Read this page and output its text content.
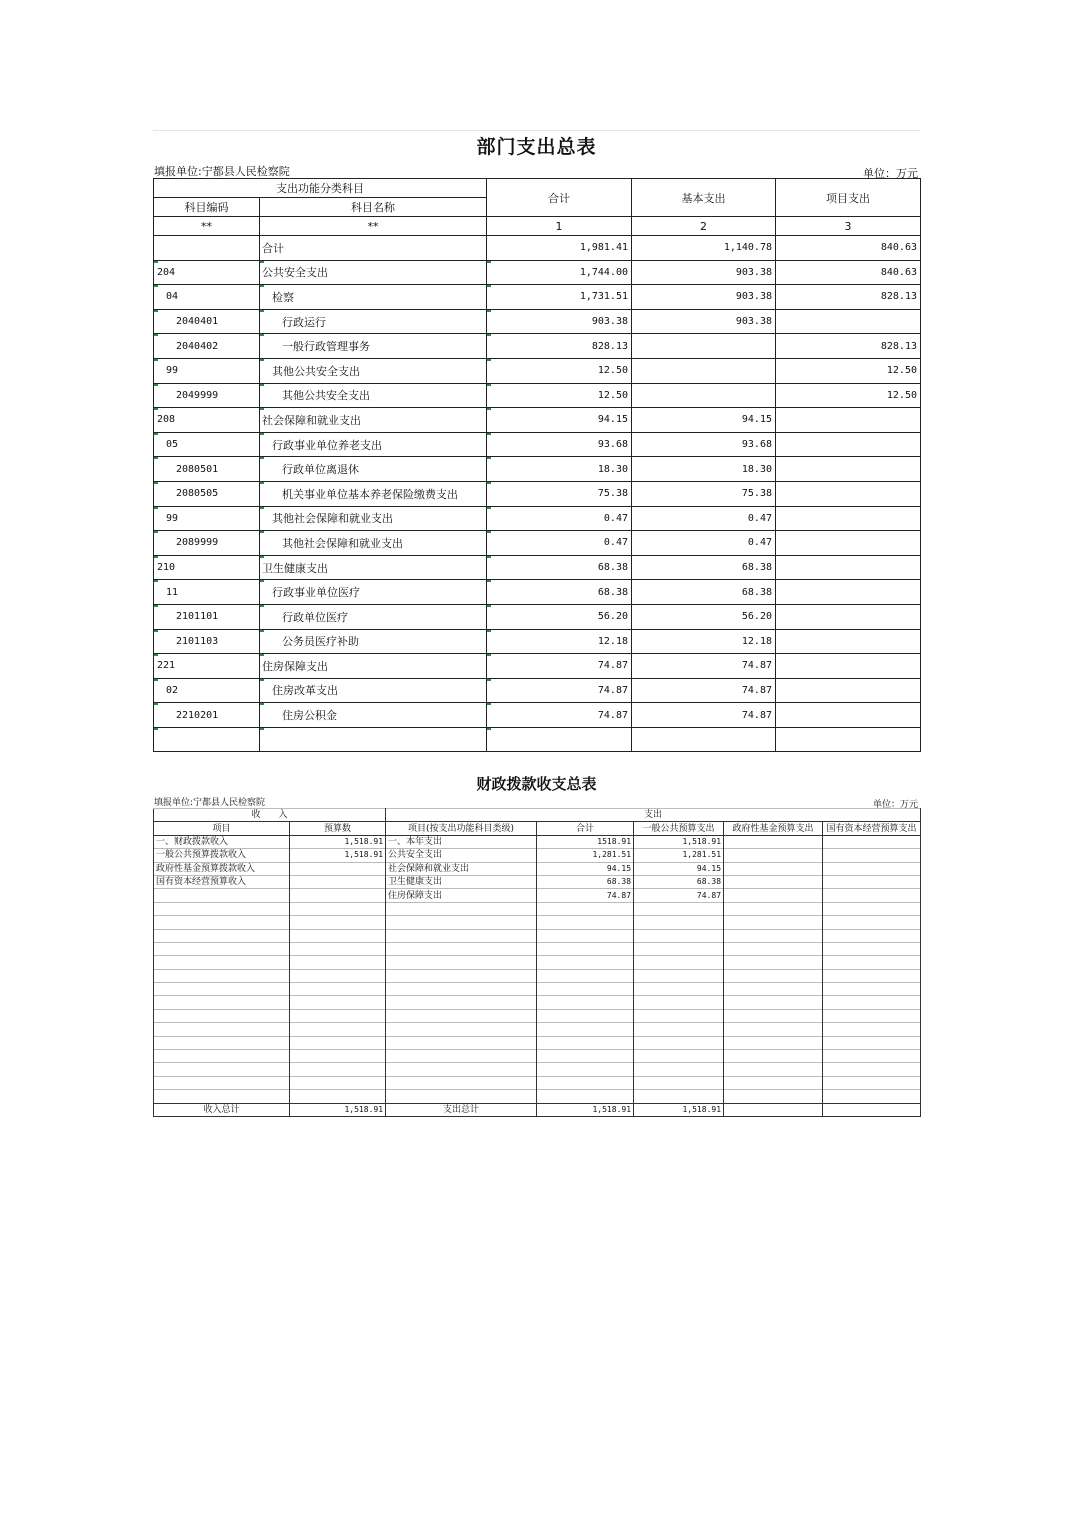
部门支出总表
填报单位:宁都县人民检察院	单位：万元
支出功能分类科目		合计	基本支出	项目支出
科目编码	科目名称			
**	**	1	2	3
	合计	1,981.41	1,140.78	840.63
204	公共安全支出	1,744.00	903.38	840.63
04	检察	1,731.51	903.38	828.13
2040401	行政运行	903.38	903.38	
2040402	一般行政管理事务	828.13		828.13
99	其他公共安全支出	12.50		12.50
2049999	其他公共安全支出	12.50		12.50
208	社会保障和就业支出	94.15	94.15	
05	行政事业单位养老支出	93.68	93.68	
2080501	行政单位离退休	18.30	18.30	
2080505	机关事业单位基本养老保险缴费支出	75.38	75.38	
99	其他社会保障和就业支出	0.47	0.47	
2089999	其他社会保障和就业支出	0.47	0.47	
210	卫生健康支出	68.38	68.38	
11	行政事业单位医疗	68.38	68.38	
2101101	行政单位医疗	56.20	56.20	
2101103	公务员医疗补助	12.18	12.18	
221	住房保障支出	74.87	74.87	
02	住房改革支出	74.87	74.87	
2210201	住房公积金	74.87	74.87	

财政拨款收支总表
填报单位:宁都县人民检察院	单位：万元
收　　入		支出				
项目	预算数	项目(按支出功能科目类级)	合计	一般公共预算支出	政府性基金预算支出	国有资本经营预算支出
一、财政拨款收入	1,518.91	一、本年支出	1518.91	1,518.91		
一般公共预算拨款收入	1,518.91	公共安全支出	1,281.51	1,281.51		
政府性基金预算拨款收入		社会保障和就业支出	94.15	94.15		
国有资本经营预算收入		卫生健康支出	68.38	68.38		
		住房保障支出	74.87	74.87		

收入总计	1,518.91	支出总计	1,518.91	1,518.91		
